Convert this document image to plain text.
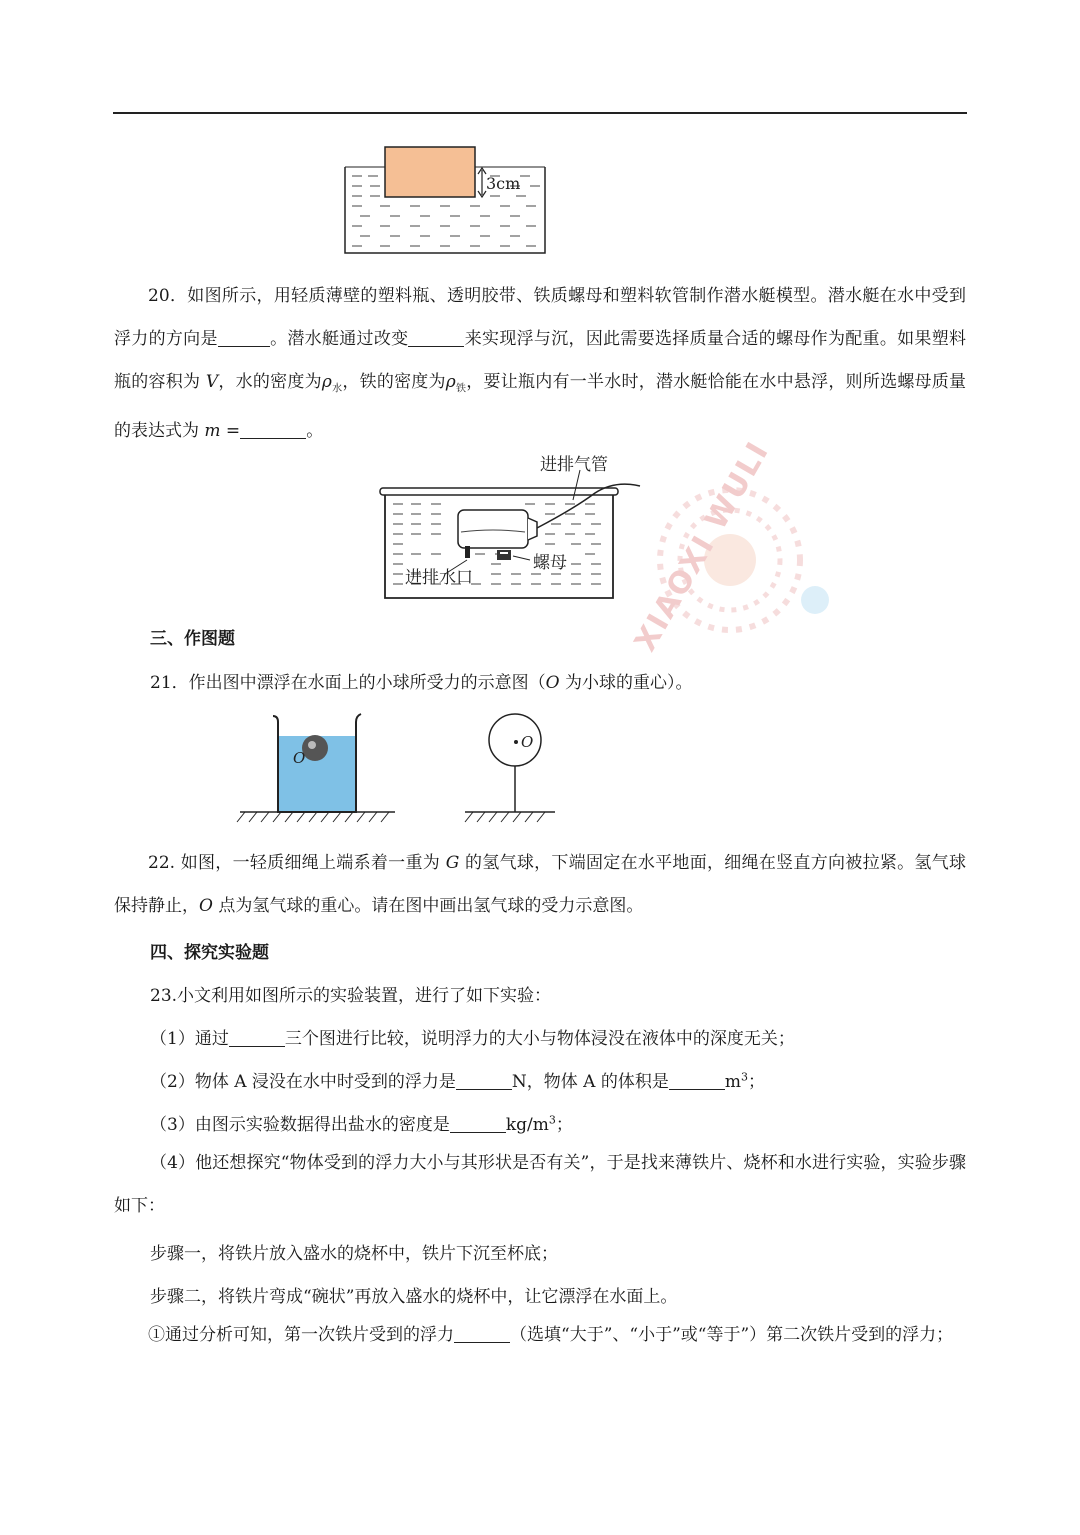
3cm

20．如图所示，用轻质薄壁的塑料瓶、透明胶带、铁质螺母和塑料软管制作潜水艇模型。潜水艇在水中受到浮力的方向是	。潜水艇通过改变	来实现浮与沉，因此需要选择质量合适的螺母作为配重。如果塑料瓶的容积为 V，水的密度为$\rho_水$，铁的密度为$\rho_铁$，要让瓶内有一半水时，潜水艇恰能在水中悬浮，则所选螺母质量的表达式为 m =	。

进排气管
螺母
进排水口	XIAOXI WULI
三、作图题
21．作出图中漂浮在水面上的小球所受力的示意图（O 为小球的重心）。
O
O

22. 如图，一轻质细绳上端系着一重为 G 的氢气球，下端固定在水平地面，细绳在竖直方向被拉紧。氢气球保持静止，O 点为氢气球的重心。请在图中画出氢气球的受力示意图。

四、探究实验题
23.小文利用如图所示的实验装置，进行了如下实验：
（1）通过	三个图进行比较，说明浮力的大小与物体浸没在液体中的深度无关；
（2）物体 A 浸没在水中时受到的浮力是	N，物体 A 的体积是	$m^3$；
（3）由图示实验数据得出盐水的密度是	$kg/m^3$；

（4）他还想探究“物体受到的浮力大小与其形状是否有关”，于是找来薄铁片、烧杯和水进行实验，实验步骤如下：

步骤一，将铁片放入盛水的烧杯中，铁片下沉至杯底；
步骤二，将铁片弯成“碗状”再放入盛水的烧杯中，让它漂浮在水面上。

①通过分析可知，第一次铁片受到的浮力	（选填“大于”、“小于”或“等于”）第二次铁片受到的浮力；
